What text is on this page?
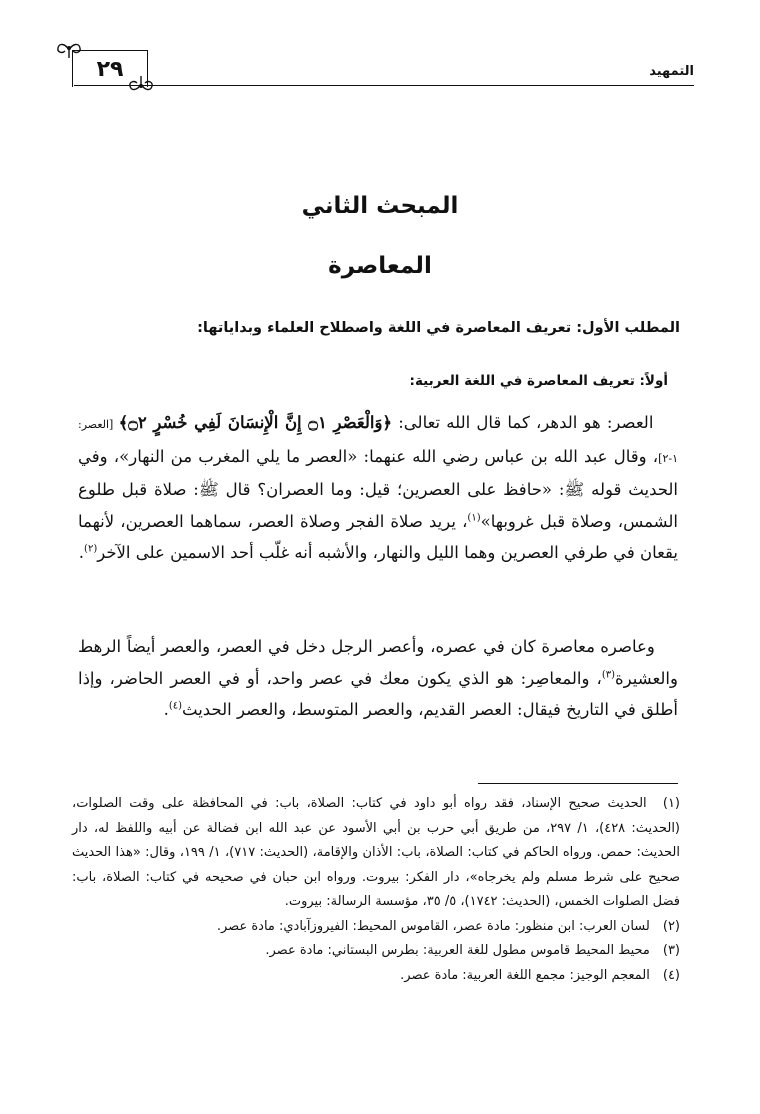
٢٩	التمهيد
المبحث الثاني
المعاصرة
المطلب الأول: تعريف المعاصرة في اللغة واصطلاح العلماء وبداياتها:
أولاً: تعريف المعاصرة في اللغة العربية:

العصر: هو الدهر، كما قال الله تعالى: ﴿وَالْعَصْرِ ۝١ إِنَّ الْإِنسَانَ لَفِي خُسْرٍ ۝٢﴾ [العصر: ١-٢]، وقال عبد الله بن عباس رضي الله عنهما: «العصر ما يلي المغرب من النهار»، وفي الحديث قوله ﷺ: «حافظ على العصرين؛ قيل: وما العصران؟ قال ﷺ: صلاة قبل طلوع الشمس، وصلاة قبل غروبها»$^{(١)}$، يريد صلاة الفجر وصلاة العصر، سماهما العصرين، لأنهما يقعان في طرفي العصرين وهما الليل والنهار، والأشبه أنه غلّب أحد الاسمين على الآخر$^{(٢)}$.

وعاصره معاصرة كان في عصره، وأعصر الرجل دخل في العصر، والعصر أيضاً الرهط والعشيرة$^{(٣)}$، والمعاصِر: هو الذي يكون معك في عصر واحد، أو في العصر الحاضر، وإذا أطلق في التاريخ فيقال: العصر القديم، والعصر المتوسط، والعصر الحديث$^{(٤)}$.

(١) الحديث صحيح الإسناد، فقد رواه أبو داود في كتاب: الصلاة، باب: في المحافظة على وقت الصلوات، (الحديث: ٤٢٨)، ١/ ٢٩٧، من طريق أبي حرب بن أبي الأسود عن عبد الله ابن فضالة عن أبيه واللفظ له، دار الحديث: حمص. ورواه الحاكم في كتاب: الصلاة، باب: الأذان والإقامة، (الحديث: ٧١٧)، ١/ ١٩٩، وقال: «هذا الحديث صحيح على شرط مسلم ولم يخرجاه»، دار الفكر: بيروت. ورواه ابن حبان في صحيحه في كتاب: الصلاة، باب: فضل الصلوات الخمس، (الحديث: ١٧٤٢)، ٥/ ٣٥، مؤسسة الرسالة: بيروت.

(٢) لسان العرب: ابن منظور: مادة عصر، القاموس المحيط: الفيروزآبادي: مادة عصر.

(٣) محيط المحيط قاموس مطول للغة العربية: بطرس البستاني: مادة عصر.

(٤) المعجم الوجيز: مجمع اللغة العربية: مادة عصر.
